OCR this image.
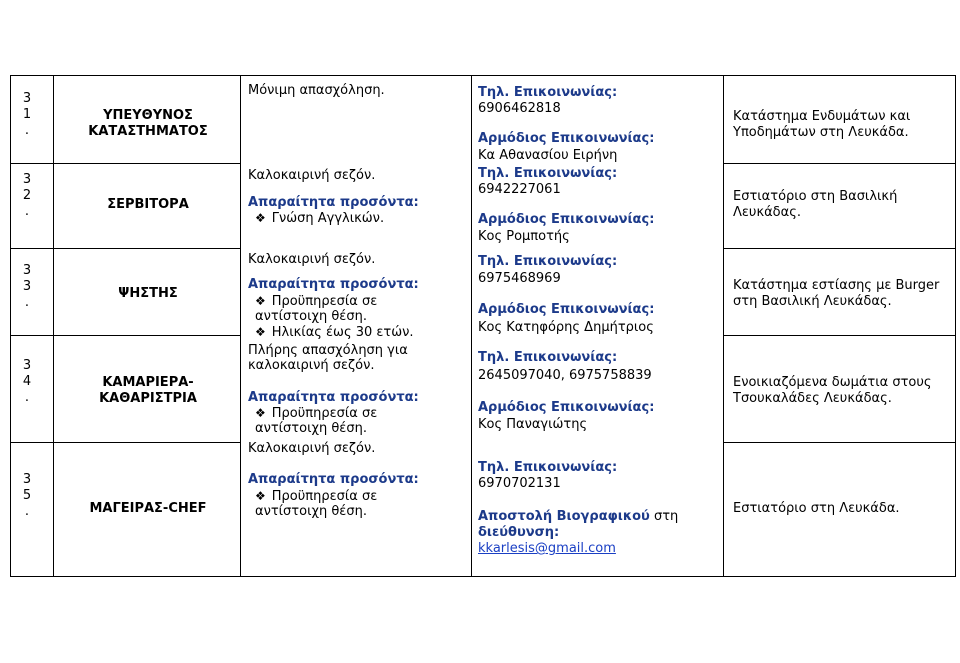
3
1
.
3
2
.
3
3
.
3
4
.
3
5
.
ΥΠΕΥΘΥΝΟΣ
ΚΑΤΑΣΤΗΜΑΤΟΣ
ΣΕΡΒΙΤΟΡΑ
ΨΗΣΤΗΣ
ΚΑΜΑΡΙΕΡΑ-
ΚΑΘΑΡΙΣΤΡΙΑ
ΜΑΓΕΙΡΑΣ-CHEF
Μόνιμη απασχόληση.
Καλοκαιρινή σεζόν.
Απαραίτητα προσόντα:
❖ Γνώση Αγγλικών.
Καλοκαιρινή σεζόν.
Απαραίτητα προσόντα:
❖ Προϋπηρεσία σε αντίστοιχη θέση.
❖ Ηλικίας έως 30 ετών.
Πλήρης απασχόληση για καλοκαιρινή σεζόν.
Απαραίτητα προσόντα:
❖ Προϋπηρεσία σε αντίστοιχη θέση.
Καλοκαιρινή σεζόν.
Απαραίτητα προσόντα:
❖ Προϋπηρεσία σε αντίστοιχη θέση.
Τηλ. Επικοινωνίας:
6906462818
Αρμόδιος Επικοινωνίας:
Κα Αθανασίου Ειρήνη
Τηλ. Επικοινωνίας:
6942227061
Αρμόδιος Επικοινωνίας:
Κος Ρομποτής
Τηλ. Επικοινωνίας:
6975468969
Αρμόδιος Επικοινωνίας:
Κος Κατηφόρης Δημήτριος
Τηλ. Επικοινωνίας:
2645097040, 6975758839
Αρμόδιος Επικοινωνίας:
Κος Παναγιώτης
Τηλ. Επικοινωνίας:
6970702131
Αποστολή Βιογραφικού στη
διεύθυνση:
kkarlesis@gmail.com
Κατάστημα Ενδυμάτων και Υποδημάτων στη Λευκάδα.
Εστιατόριο στη Βασιλική Λευκάδας.
Κατάστημα εστίασης με Burger στη Βασιλική Λευκάδας.
Ενοικιαζόμενα δωμάτια στους Τσουκαλάδες Λευκάδας.
Εστιατόριο στη Λευκάδα.
